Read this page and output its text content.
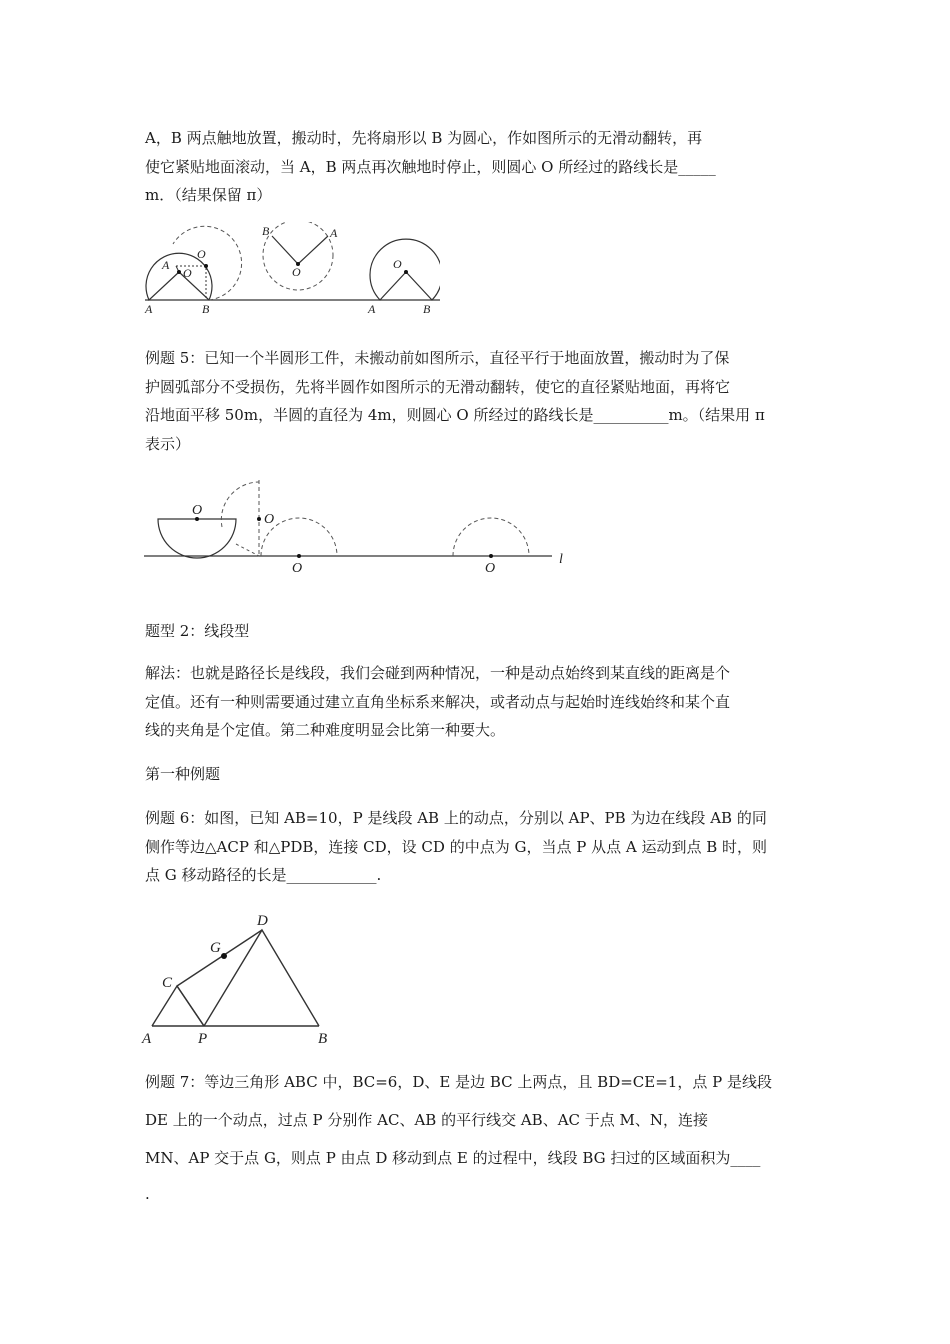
A，B 两点触地放置，搬动时，先将扇形以 B 为圆心，作如图所示的无滑动翻转，再
使它紧贴地面滚动，当 A，B 两点再次触地时停止，则圆心 O 所经过的路线长是_____
m．（结果保留 π）
A
O
O
A
B
B	A
O
O
A	B
例题 5：已知一个半圆形工件，未搬动前如图所示，直径平行于地面放置，搬动时为了保
护圆弧部分不受损伤，先将半圆作如图所示的无滑动翻转，使它的直径紧贴地面，再将它
沿地面平移 50m，半圆的直径为 4m，则圆心 O 所经过的路线长是__________m。（结果用 π
表示）
O
O
O	O
l
题型 2：线段型
解法：也就是路径长是线段，我们会碰到两种情况，一种是动点始终到某直线的距离是个
定值。还有一种则需要通过建立直角坐标系来解决，或者动点与起始时连线始终和某个直
线的夹角是个定值。第二种难度明显会比第一种要大。
第一种例题
例题 6：如图，已知 AB=10，P 是线段 AB 上的动点，分别以 AP、PB 为边在线段 AB 的同
侧作等边△ACP 和△PDB，连接 CD，设 CD 的中点为 G，当点 P 从点 A 运动到点 B 时，则
点 G 移动路径的长是____________.
D
G
C
A	P	B
例题 7：等边三角形 ABC 中，BC=6，D、E 是边 BC 上两点，且 BD=CE=1，点 P 是线段
DE 上的一个动点，过点 P 分别作 AC、AB 的平行线交 AB、AC 于点 M、N，连接
MN、AP 交于点 G，则点 P 由点 D 移动到点 E 的过程中，线段 BG 扫过的区域面积为____
.
